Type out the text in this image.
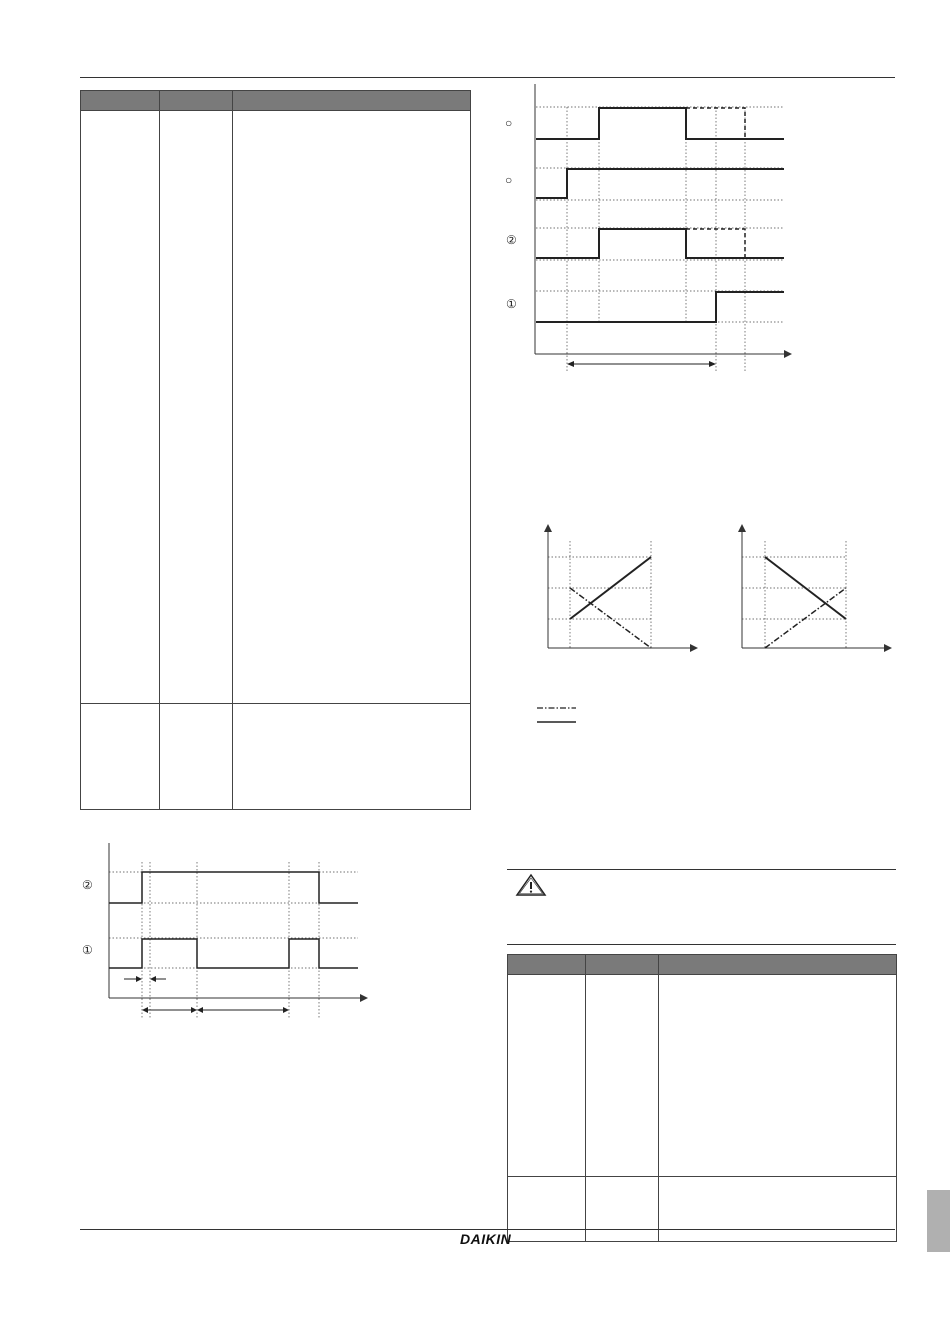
○
○
②
①

②
①
DAIKIN
